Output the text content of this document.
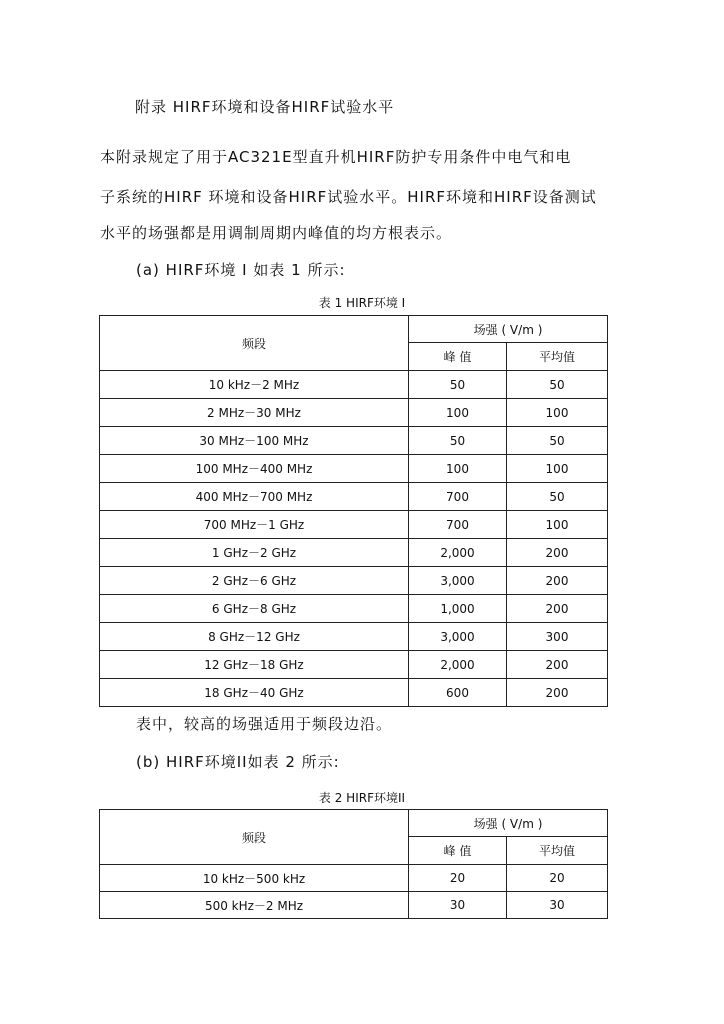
附录 HIRF环境和设备HIRF试验水平
本附录规定了用于AC321E型直升机HIRF防护专用条件中电气和电
子系统的HIRF 环境和设备HIRF试验水平。HIRF环境和HIRF设备测试
水平的场强都是用调制周期内峰值的均方根表示。
(a) HIRF环境 I 如表 1 所示:
表 1 HIRF环境 I
频段	场强 ( V/m )	
	峰 值	平均值
10 kHz－2 MHz	50	50
2 MHz－30 MHz	100	100
30 MHz－100 MHz	50	50
100 MHz－400 MHz	100	100
400 MHz－700 MHz	700	50
700 MHz－1 GHz	700	100
1 GHz－2 GHz	2,000	200
2 GHz－6 GHz	3,000	200
6 GHz－8 GHz	1,000	200
8 GHz－12 GHz	3,000	300
12 GHz－18 GHz	2,000	200
18 GHz－40 GHz	600	200
表中，较高的场强适用于频段边沿。
(b) HIRF环境II如表 2 所示:
表 2 HIRF环境II
频段	场强 ( V/m )	
	峰 值	平均值
10 kHz－500 kHz	20	20
500 kHz－2 MHz	30	30
